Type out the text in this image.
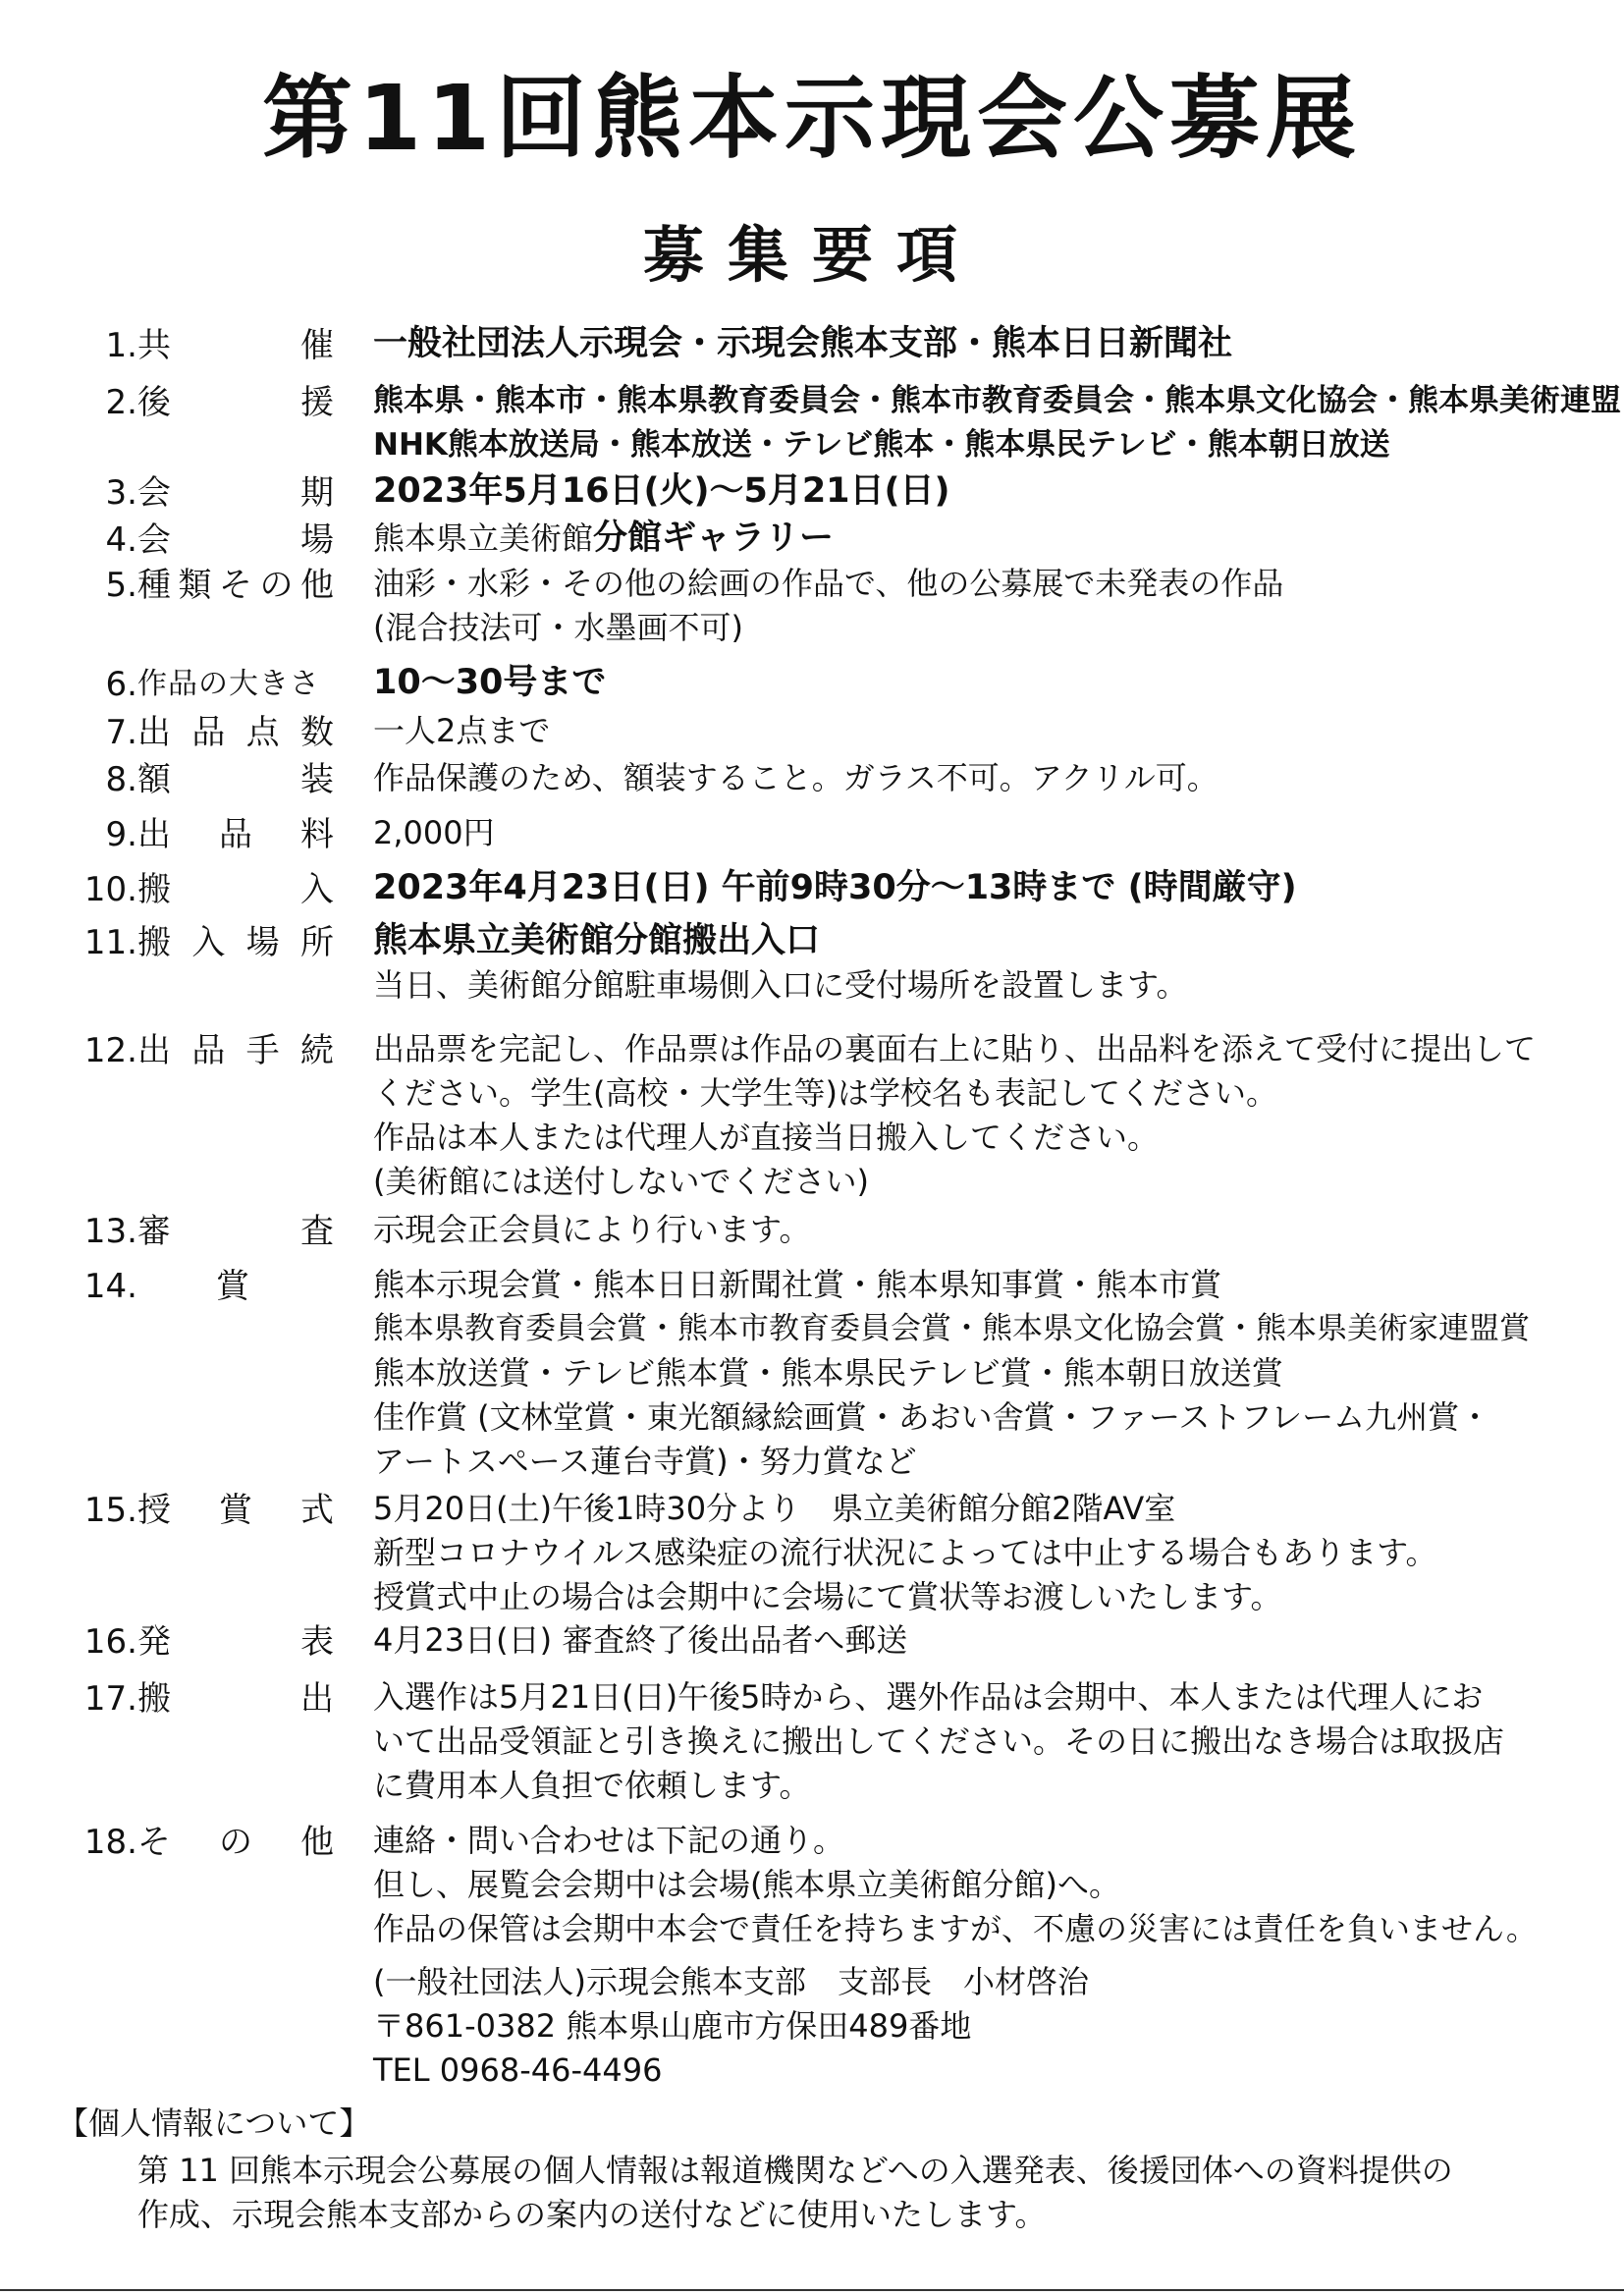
第11回熊本示現会公募展
募集要項
1. 共	催 一般社団法人示現会・示現会熊本支部・熊本日日新聞社
2. 後	援 熊本県・熊本市・熊本県教育委員会・熊本市教育委員会・熊本県文化協会・熊本県美術連盟
NHK熊本放送局・熊本放送・テレビ熊本・熊本県民テレビ・熊本朝日放送
3. 会	期 2023年5月16日(火)～5月21日(日)
4. 会	場 熊本県立美術館分館ギャラリー
5. 種 類 そ の 他 油彩・水彩・その他の絵画の作品で、他の公募展で未発表の作品
(混合技法可・水墨画不可)
6. 作品の大きさ 10～30号まで
7. 出 品 点 数 一人2点まで
8. 額	装 作品保護のため、額装すること。ガラス不可。アクリル可。
9. 出 品 料 2,000円
10. 搬	入 2023年4月23日(日) 午前9時30分～13時まで (時間厳守)
11. 搬 入 場 所 熊本県立美術館分館搬出入口
当日、美術館分館駐車場側入口に受付場所を設置します。
12. 出 品 手 続 出品票を完記し、作品票は作品の裏面右上に貼り、出品料を添えて受付に提出して
ください。学生(高校・大学生等)は学校名も表記してください。
作品は本人または代理人が直接当日搬入してください。
(美術館には送付しないでください)
13. 審	査 示現会正会員により行います。
14. 賞	熊本示現会賞・熊本日日新聞社賞・熊本県知事賞・熊本市賞
熊本県教育委員会賞・熊本市教育委員会賞・熊本県文化協会賞・熊本県美術家連盟賞
熊本放送賞・テレビ熊本賞・熊本県民テレビ賞・熊本朝日放送賞
佳作賞 (文林堂賞・東光額縁絵画賞・あおい舎賞・ファーストフレーム九州賞・
アートスペース蓮台寺賞)・努力賞など
15. 授 賞 式 5月20日(土)午後1時30分より　県立美術館分館2階AV室
新型コロナウイルス感染症の流行状況によっては中止する場合もあります。
授賞式中止の場合は会期中に会場にて賞状等お渡しいたします。
16. 発	表 4月23日(日) 審査終了後出品者へ郵送
17. 搬	出 入選作は5月21日(日)午後5時から、選外作品は会期中、本人または代理人にお
いて出品受領証と引き換えに搬出してください。その日に搬出なき場合は取扱店
に費用本人負担で依頼します。
18. そ の 他 連絡・問い合わせは下記の通り。
但し、展覧会会期中は会場(熊本県立美術館分館)へ。
作品の保管は会期中本会で責任を持ちますが、不慮の災害には責任を負いません。
(一般社団法人)示現会熊本支部　支部長　小材啓治
〒861-0382 熊本県山鹿市方保田489番地
TEL 0968-46-4496
【個人情報について】
第 11 回熊本示現会公募展の個人情報は報道機関などへの入選発表、後援団体への資料提供の
作成、示現会熊本支部からの案内の送付などに使用いたします。
